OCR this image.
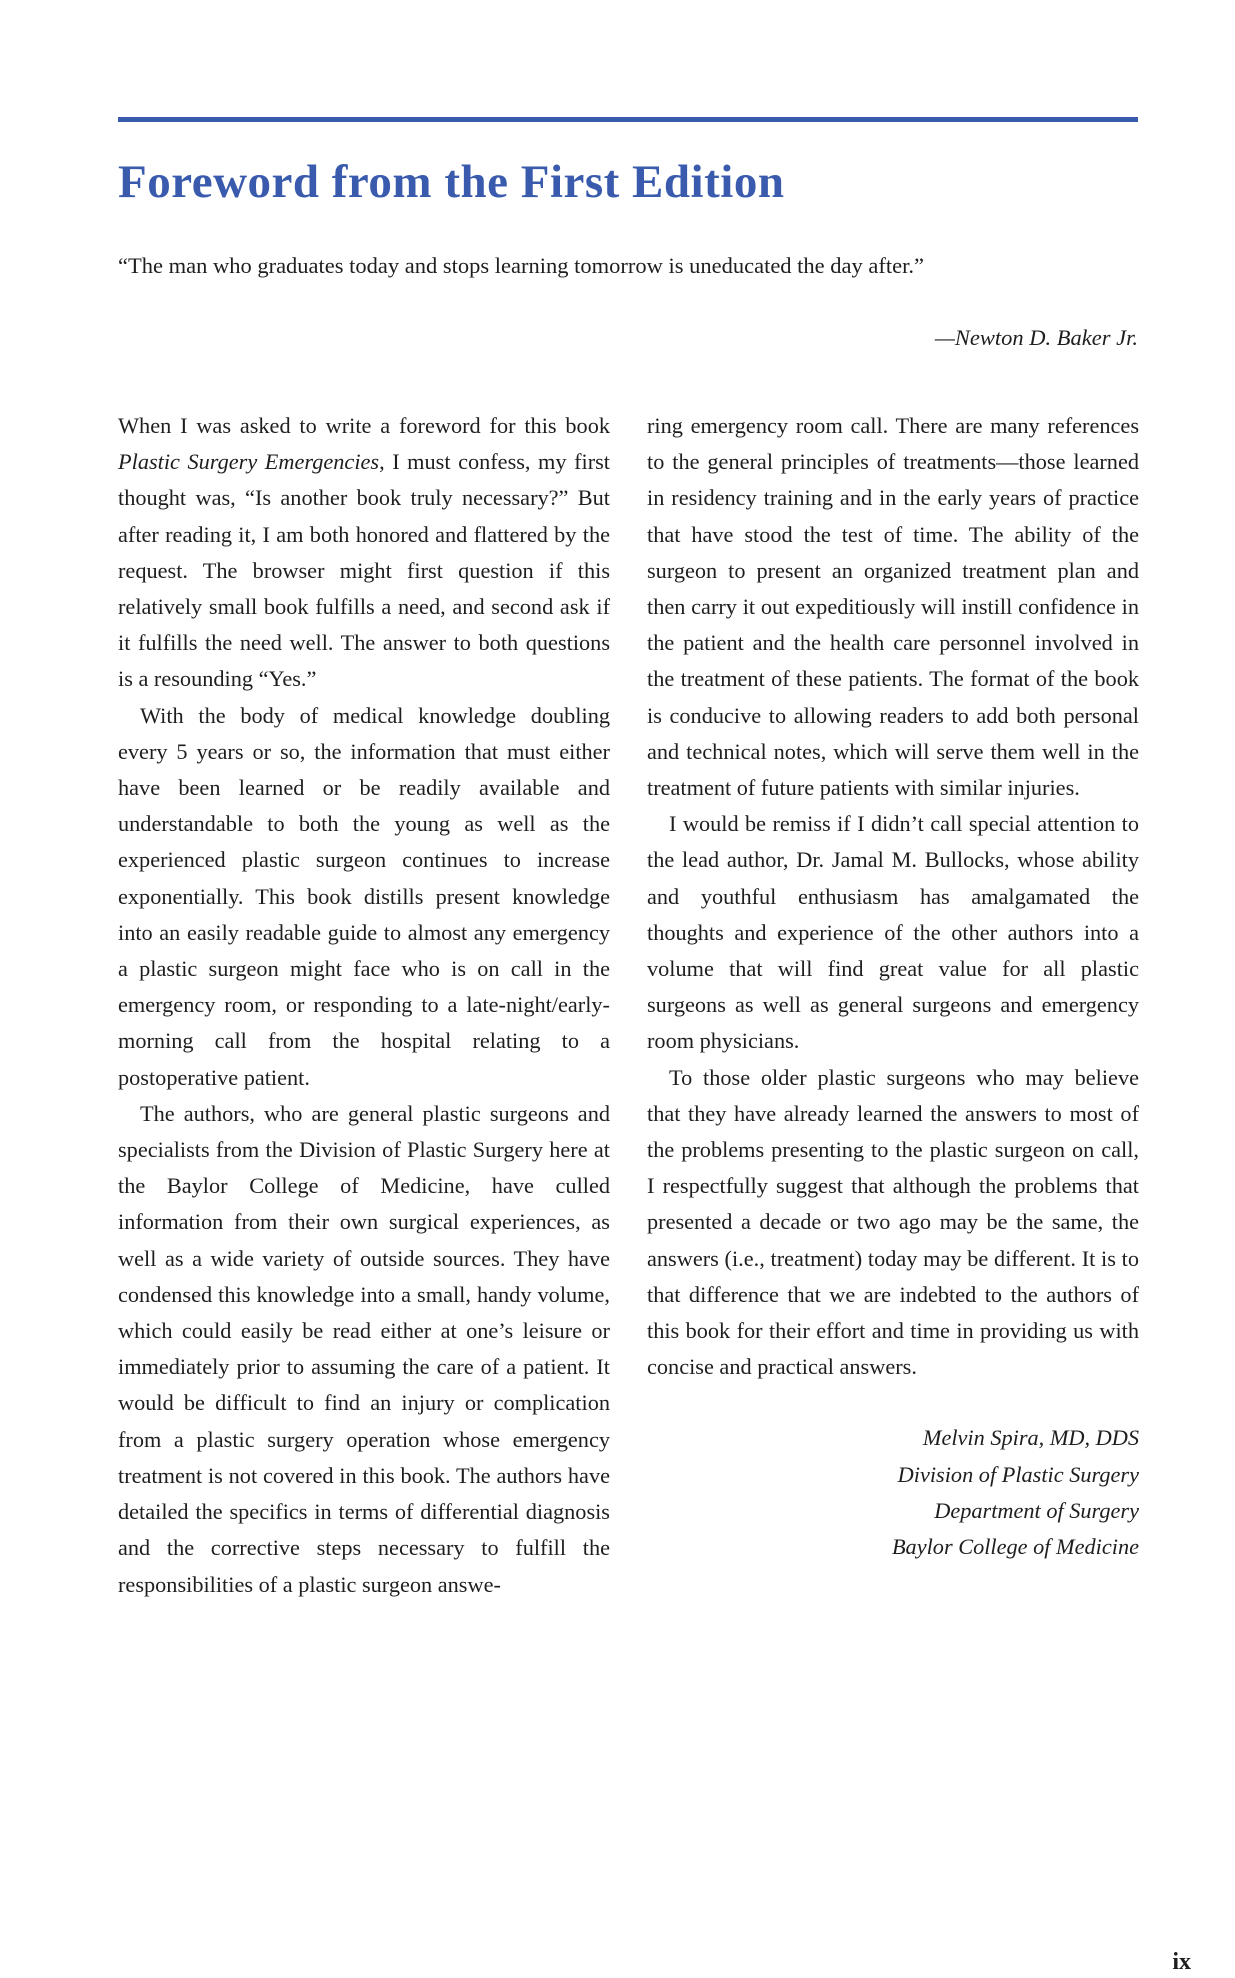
Foreword from the First Edition

“The man who graduates today and stops learning tomorrow is uneducated the day after.”

—Newton D. Baker Jr.

When I was asked to write a foreword for this book Plastic Surgery Emergencies, I must confess, my first thought was, “Is another book truly necessary?” But after reading it, I am both honored and flattered by the request. The browser might first question if this relatively small book fulfills a need, and second ask if it fulfills the need well. The answer to both questions is a resounding “Yes.”

With the body of medical knowledge doubling every 5 years or so, the information that must either have been learned or be readily available and understandable to both the young as well as the experienced plastic surgeon continues to increase exponentially. This book distills present knowledge into an easily readable guide to almost any emergency a plastic surgeon might face who is on call in the emergency room, or responding to a late-night/early-morning call from the hospital relating to a postoperative patient.

The authors, who are general plastic surgeons and specialists from the Division of Plastic Surgery here at the Baylor College of Medicine, have culled information from their own surgical experiences, as well as a wide variety of outside sources. They have condensed this knowledge into a small, handy volume, which could easily be read either at one’s leisure or immediately prior to assuming the care of a patient. It would be difficult to find an injury or complication from a plastic surgery operation whose emergency treatment is not covered in this book. The authors have detailed the specifics in terms of differential diagnosis and the corrective steps necessary to fulfill the responsibilities of a plastic surgeon answe-

ring emergency room call. There are many references to the general principles of treatments—those learned in residency training and in the early years of practice that have stood the test of time. The ability of the surgeon to present an organized treatment plan and then carry it out expeditiously will instill confidence in the patient and the health care personnel involved in the treatment of these patients. The format of the book is conducive to allowing readers to add both personal and technical notes, which will serve them well in the treatment of future patients with similar injuries.

I would be remiss if I didn’t call special attention to the lead author, Dr. Jamal M. Bullocks, whose ability and youthful enthusiasm has amalgamated the thoughts and experience of the other authors into a volume that will find great value for all plastic surgeons as well as general surgeons and emergency room physicians.

To those older plastic surgeons who may believe that they have already learned the answers to most of the problems presenting to the plastic surgeon on call, I respectfully suggest that although the problems that presented a decade or two ago may be the same, the answers (i.e., treatment) today may be different. It is to that difference that we are indebted to the authors of this book for their effort and time in providing us with concise and practical answers.

Melvin Spira, MD, DDS
Division of Plastic Surgery
Department of Surgery
Baylor College of Medicine
ix
